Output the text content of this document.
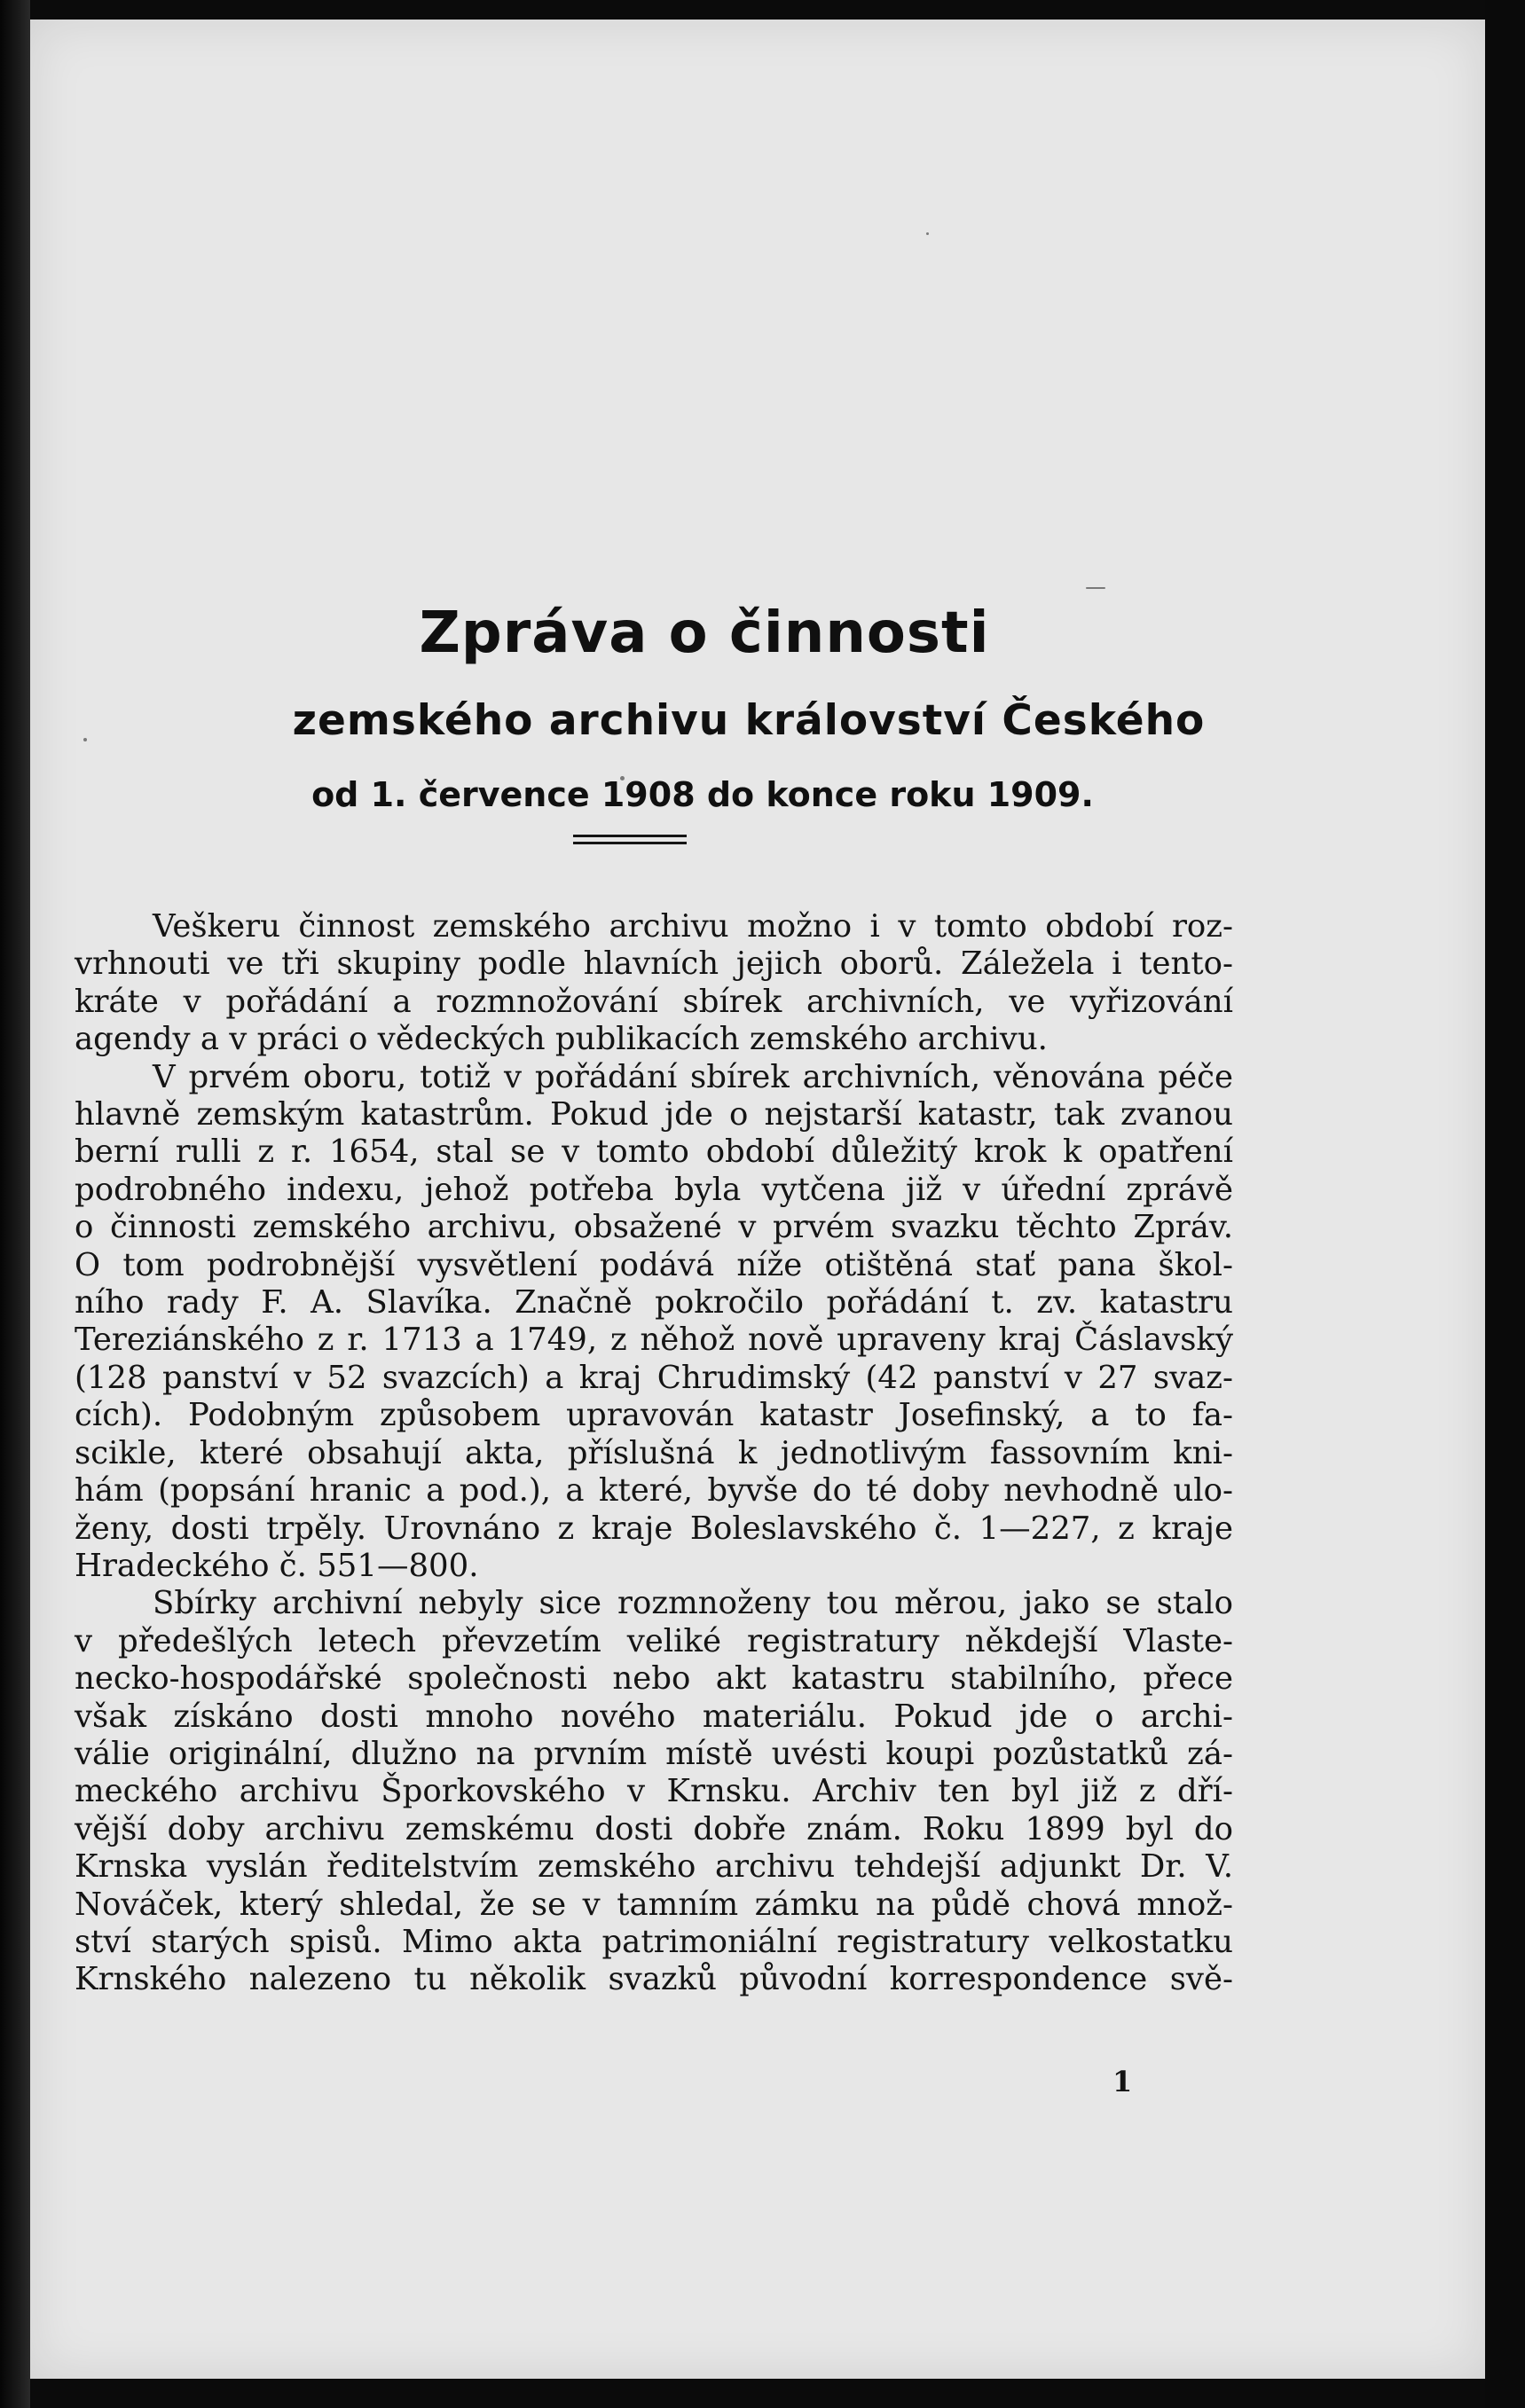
Zpráva o činnosti
zemského archivu království Českého
od 1. července 1908 do konce roku 1909.
Veškeru činnost zemského archivu možno i v tomto období roz-
vrhnouti ve tři skupiny podle hlavních jejich oborů. Záležela i tento-
kráte v pořádání a rozmnožování sbírek archivních, ve vyřizování
agendy a v práci o vědeckých publikacích zemského archivu.
V prvém oboru, totiž v pořádání sbírek archivních, věnována péče
hlavně zemským katastrům. Pokud jde o nejstarší katastr, tak zvanou
berní rulli z r. 1654, stal se v tomto období důležitý krok k opatření
podrobného indexu, jehož potřeba byla vytčena již v úřední zprávě
o činnosti zemského archivu, obsažené v prvém svazku těchto Zpráv.
O tom podrobnější vysvětlení podává níže otištěná stať pana škol-
ního rady F. A. Slavíka. Značně pokročilo pořádání t. zv. katastru
Tereziánského z r. 1713 a 1749, z něhož nově upraveny kraj Čáslavský
(128 panství v 52 svazcích) a kraj Chrudimský (42 panství v 27 svaz-
cích). Podobným způsobem upravován katastr Josefinský, a to fa-
scikle, které obsahují akta, příslušná k jednotlivým fassovním kni-
hám (popsání hranic a pod.), a které, byvše do té doby nevhodně ulo-
ženy, dosti trpěly. Urovnáno z kraje Boleslavského č. 1—227, z kraje
Hradeckého č. 551—800.
Sbírky archivní nebyly sice rozmnoženy tou měrou, jako se stalo
v předešlých letech převzetím veliké registratury někdejší Vlaste-
necko-hospodářské společnosti nebo akt katastru stabilního, přece
však získáno dosti mnoho nového materiálu. Pokud jde o archi-
válie originální, dlužno na prvním místě uvésti koupi pozůstatků zá-
meckého archivu Šporkovského v Krnsku. Archiv ten byl již z dří-
vější doby archivu zemskému dosti dobře znám. Roku 1899 byl do
Krnska vyslán ředitelstvím zemského archivu tehdejší adjunkt Dr. V.
Nováček, který shledal, že se v tamním zámku na půdě chová množ-
ství starých spisů. Mimo akta patrimoniální registratury velkostatku
Krnského nalezeno tu několik svazků původní korrespondence svě-
1
